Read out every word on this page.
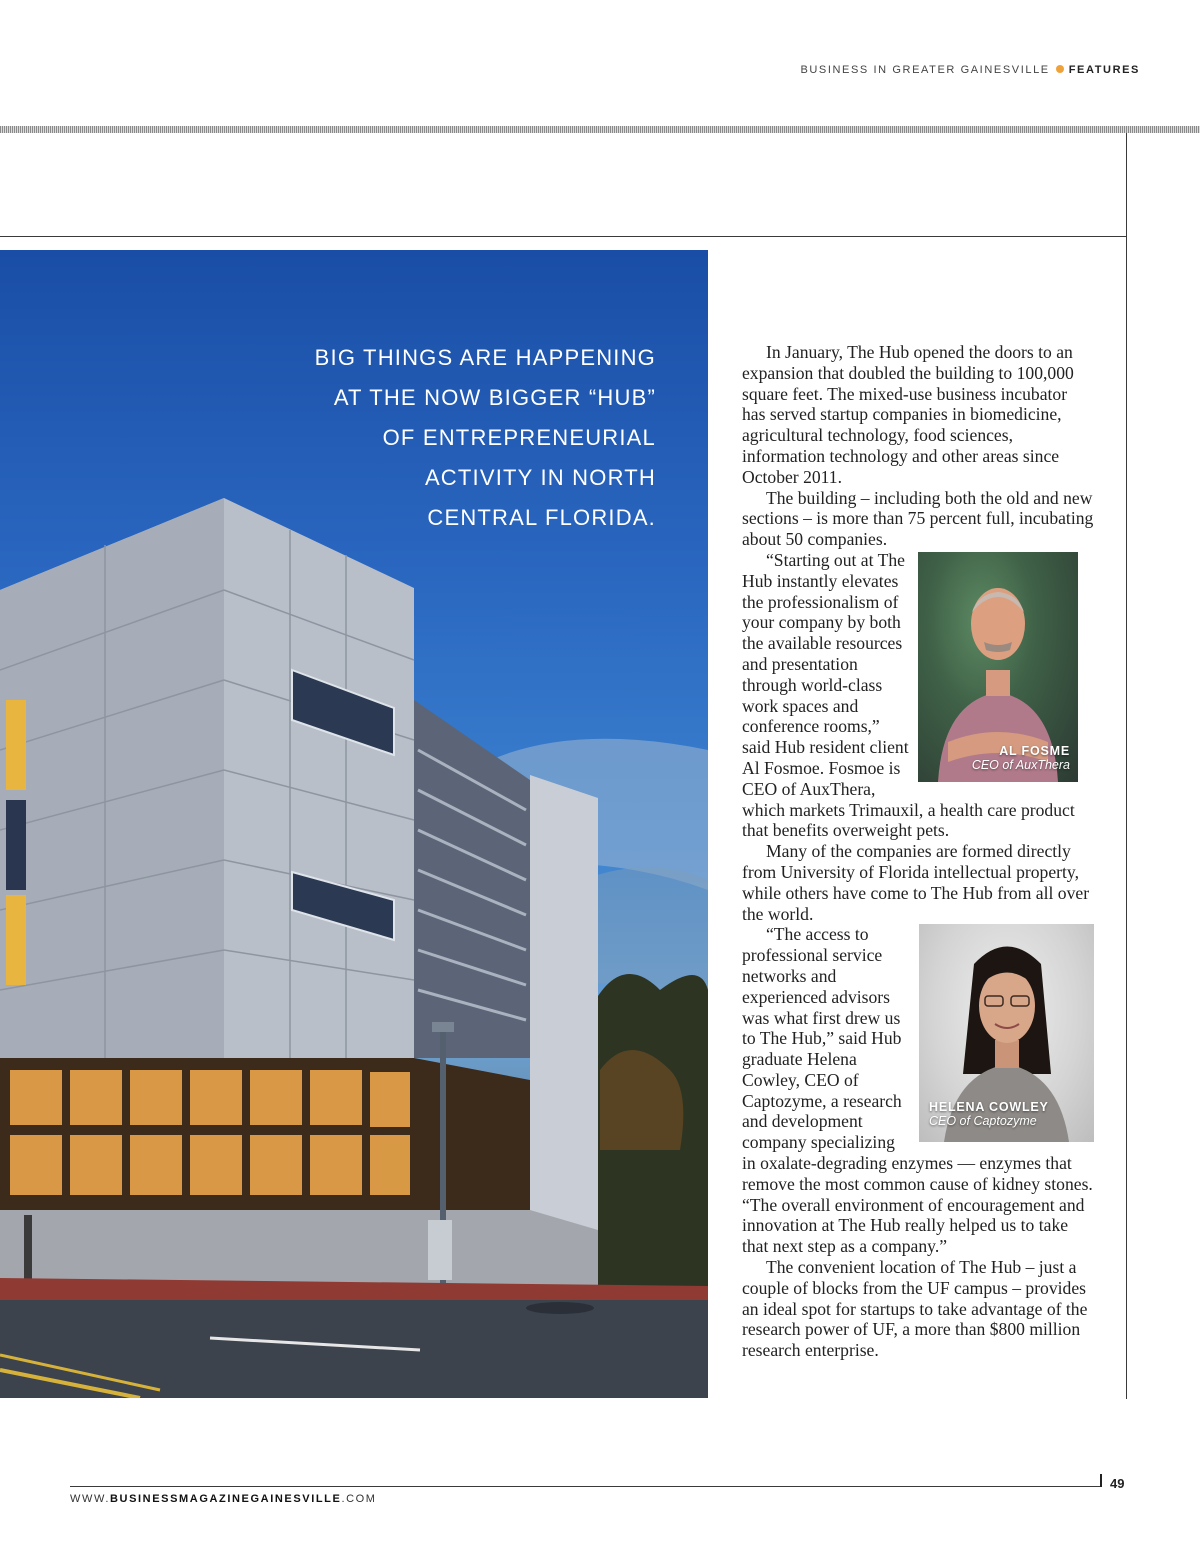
BUSINESS IN GREATER GAINESVILLE FEATURES
BIG THINGS ARE HAPPENING
AT THE NOW BIGGER “HUB”
OF ENTREPRENEURIAL
ACTIVITY IN NORTH
CENTRAL FLORIDA.

In January, The Hub opened the doors to an expansion that doubled the building to 100,000 square feet. The mixed-use business incubator has served startup companies in biomedicine, agricultural technology, food sciences, information technology and other areas since October 2011.

The building – including both the old and new sections – is more than 75 percent full, incubating about 50 companies.

AL FOSME
CEO of AuxThera

“Starting out at The Hub instantly elevates the professionalism of your company by both the available resources and presentation through world-class work spaces and conference rooms,” said Hub resident client Al Fosmoe. Fosmoe is CEO of AuxThera, which markets Trimauxil, a health care product that benefits overweight pets.

Many of the companies are formed directly from University of Florida intellectual property, while others have come to The Hub from all over the world.

HELENA COWLEY
CEO of Captozyme

“The access to professional service networks and experienced advisors was what first drew us to The Hub,” said Hub graduate Helena Cowley, CEO of Captozyme, a research and development company specializing in oxalate-degrading enzymes — enzymes that remove the most common cause of kidney stones. “The overall environment of encouragement and innovation at The Hub really helped us to take that next step as a company.”

The convenient location of The Hub – just a couple of blocks from the UF campus – provides an ideal spot for startups to take advantage of the research power of UF, a more than $800 million research enterprise.

49
WWW.BUSINESSMAGAZINEGAINESVILLE.COM
